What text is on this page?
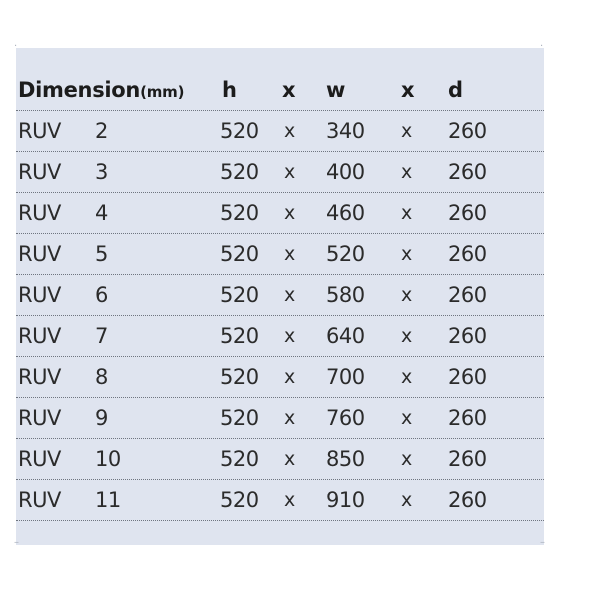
·	·
–	–
Dimension(mm) h x w	x d
RUV 2	520 x 340 x 260
RUV 3	520 x 400 x 260
RUV 4	520 x 460 x 260
RUV 5	520 x 520 x 260
RUV 6	520 x 580 x 260
RUV 7	520 x 640 x 260
RUV 8	520 x 700 x 260
RUV 9	520 x 760 x 260
RUV 10	520 x 850 x 260
RUV 11	520 x 910 x 260
